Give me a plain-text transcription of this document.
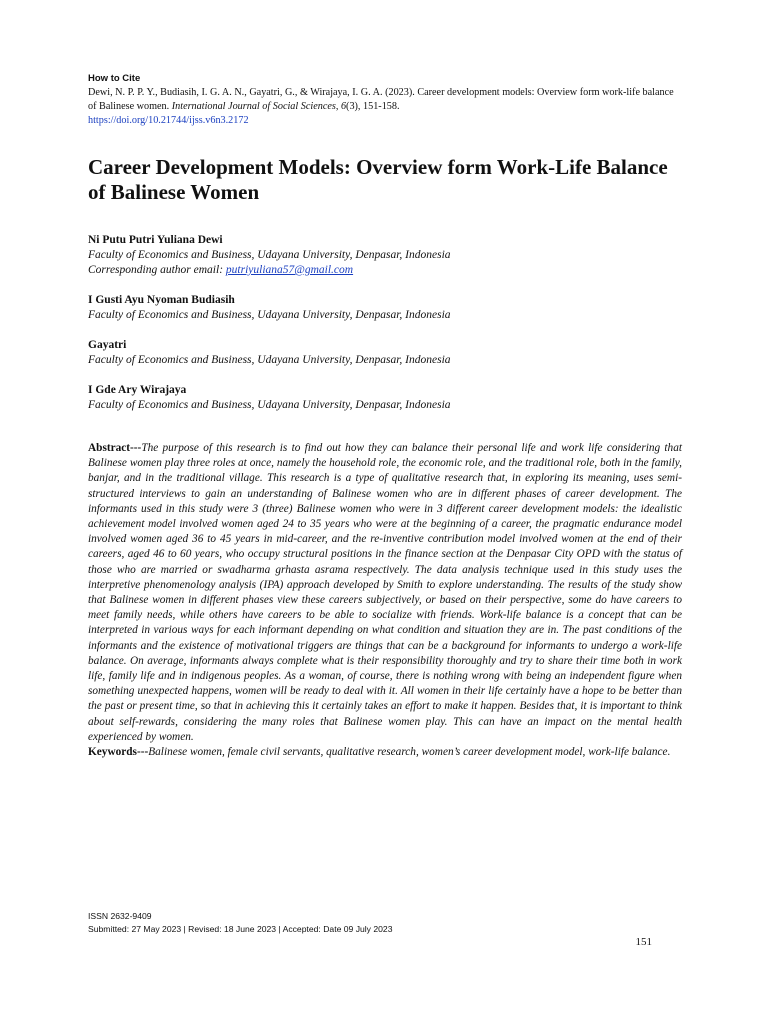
How to Cite
Dewi, N. P. P. Y., Budiasih, I. G. A. N., Gayatri, G., & Wirajaya, I. G. A. (2023). Career development models: Overview form work-life balance of Balinese women. International Journal of Social Sciences, 6(3), 151-158.
https://doi.org/10.21744/ijss.v6n3.2172
Career Development Models: Overview form Work-Life Balance of Balinese Women
Ni Putu Putri Yuliana Dewi
Faculty of Economics and Business, Udayana University, Denpasar, Indonesia
Corresponding author email: putriyuliana57@gmail.com
I Gusti Ayu Nyoman Budiasih
Faculty of Economics and Business, Udayana University, Denpasar, Indonesia
Gayatri
Faculty of Economics and Business, Udayana University, Denpasar, Indonesia
I Gde Ary Wirajaya
Faculty of Economics and Business, Udayana University, Denpasar, Indonesia
Abstract---The purpose of this research is to find out how they can balance their personal life and work life considering that Balinese women play three roles at once, namely the household role, the economic role, and the traditional role, both in the family, banjar, and in the traditional village. This research is a type of qualitative research that, in exploring its meaning, uses semi-structured interviews to gain an understanding of Balinese women who are in different phases of career development. The informants used in this study were 3 (three) Balinese women who were in 3 different career development models: the idealistic achievement model involved women aged 24 to 35 years who were at the beginning of a career, the pragmatic endurance model involved women aged 36 to 45 years in mid-career, and the re-inventive contribution model involved women at the end of their careers, aged 46 to 60 years, who occupy structural positions in the finance section at the Denpasar City OPD with the status of those who are married or swadharma grhasta asrama respectively. The data analysis technique used in this study uses the interpretive phenomenology analysis (IPA) approach developed by Smith to explore understanding. The results of the study show that Balinese women in different phases view these careers subjectively, or based on their perspective, some do have careers to meet family needs, while others have careers to be able to socialize with friends. Work-life balance is a concept that can be interpreted in various ways for each informant depending on what condition and situation they are in. The past conditions of the informants and the existence of motivational triggers are things that can be a background for informants to undergo a work-life balance. On average, informants always complete what is their responsibility thoroughly and try to share their time both in work life, family life and in indigenous peoples. As a woman, of course, there is nothing wrong with being an independent figure when something unexpected happens, women will be ready to deal with it. All women in their life certainly have a hope to be better than the past or present time, so that in achieving this it certainly takes an effort to make it happen. Besides that, it is important to think about self-rewards, considering the many roles that Balinese women play. This can have an impact on the mental health experienced by women.
Keywords---Balinese women, female civil servants, qualitative research, women’s career development model, work-life balance.
ISSN 2632-9409
Submitted: 27 May 2023 | Revised: 18 June 2023 | Accepted: Date 09 July 2023
151
